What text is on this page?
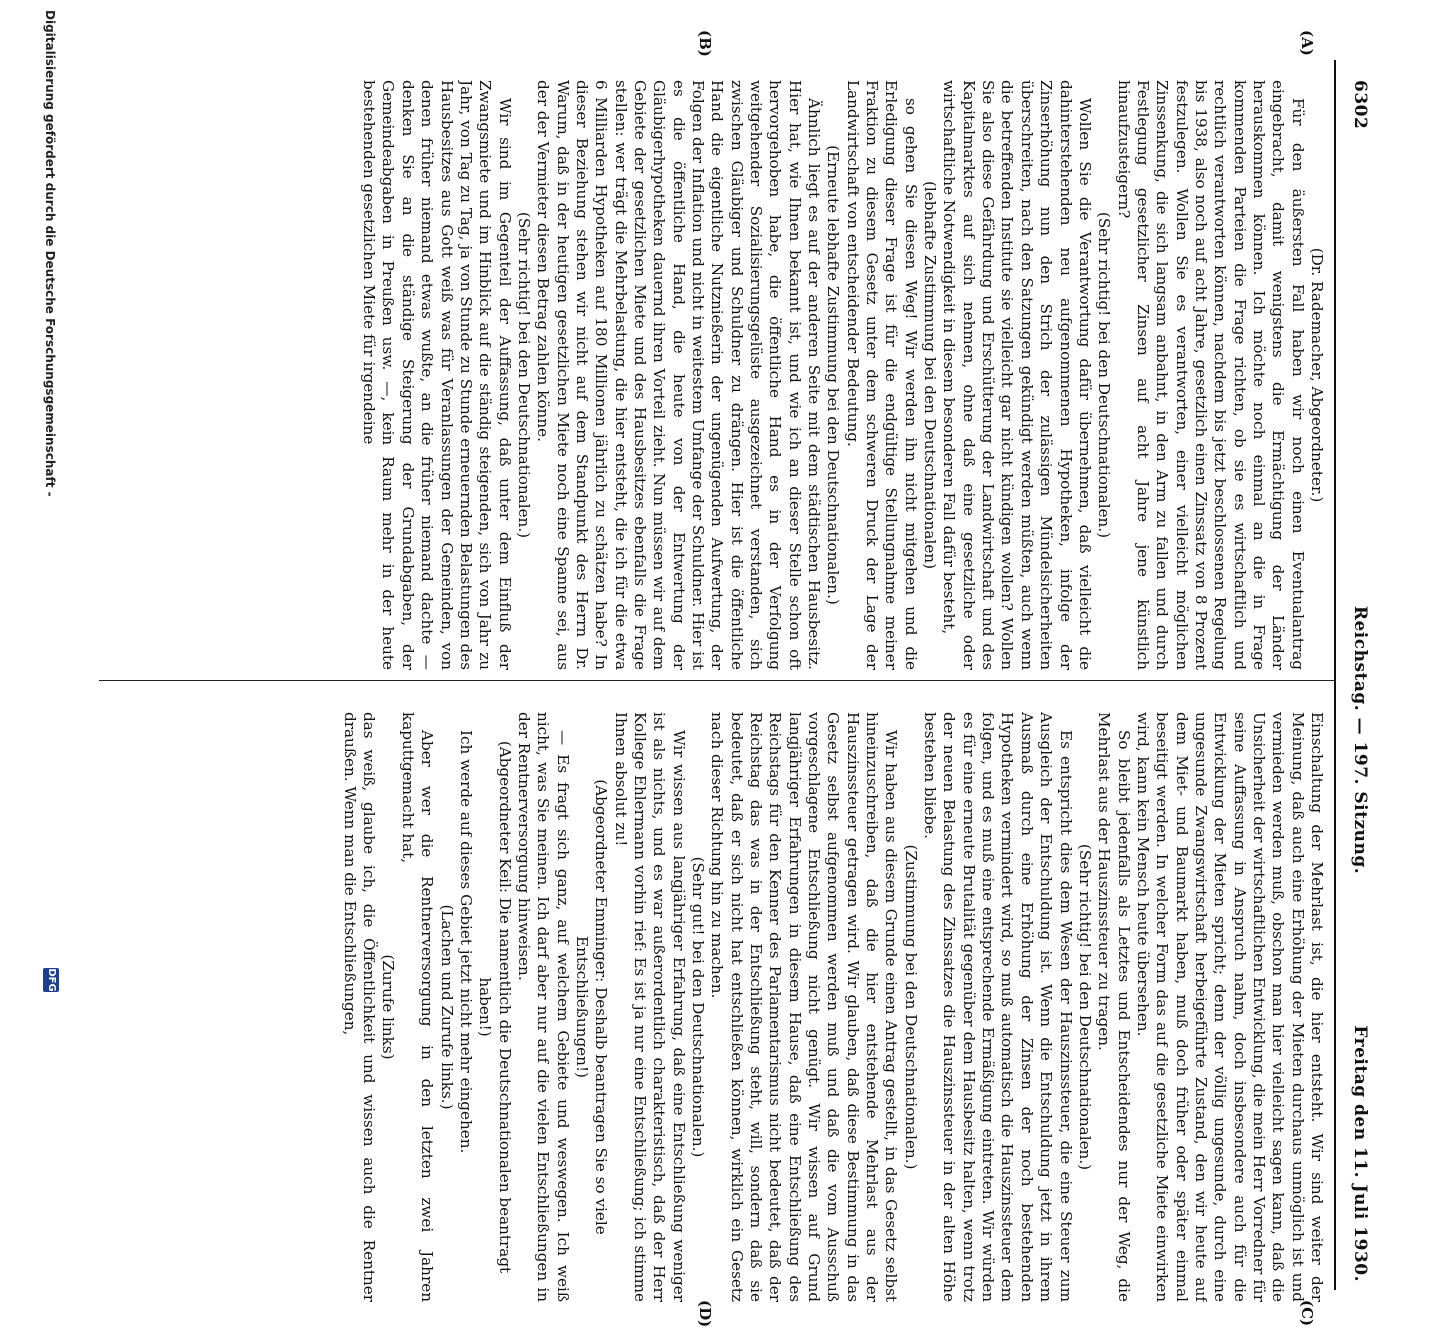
6302
Reichstag. — 197. Sitzung.
Freitag den 11. Juli 1930.
(A)
(B)
(C)
(D)

(Dr. Rademacher, Abgeordneter.)

Für den äußersten Fall haben wir noch einen Eventualantrag eingebracht, damit wenigstens die Ermächtigung der Länder herauskommen können. Ich möchte noch einmal an die in Frage kommenden Parteien die Frage richten, ob sie es wirtschaftlich und rechtlich verantworten können, nachdem bis jetzt beschlossenen Regelung bis 1938, also noch auf acht Jahre, gesetzlich einen Zinssatz von 8 Prozent festzulegen. Wollen Sie es verantworten, einer vielleicht möglichen Zinssenkung, die sich langsam anbahnt, in den Arm zu fallen und durch Festlegung gesetzlicher Zinsen auf acht Jahre jene künstlich hinaufzusteigern?

(Sehr richtig! bei den Deutschnationalen.)

Wollen Sie die Verantwortung dafür übernehmen, daß vielleicht die dahinterstehenden neu aufgenommenen Hypotheken, infolge der Zinserhöhung nun den Strich der zulässigen Mündelsicherheiten überschreiten, nach den Satzungen gekündigt werden müßten, auch wenn die betreffenden Institute sie vielleicht gar nicht kündigen wollen? Wollen Sie also diese Gefährdung und Erschütterung der Landwirtschaft und des Kapitalmarktes auf sich nehmen, ohne daß eine gesetzliche oder wirtschaftliche Notwendigkeit in diesem besonderen Fall dafür besteht,

(lebhafte Zustimmung bei den Deutschnationalen)

so gehen Sie diesen Weg! Wir werden ihn nicht mitgehen und die Erledigung dieser Frage ist für die endgültige Stellungnahme meiner Fraktion zu diesem Gesetz unter dem schweren Druck der Lage der Landwirtschaft von entscheidender Bedeutung.

(Erneute lebhafte Zustimmung bei den Deutschnationalen.)

Ähnlich liegt es auf der anderen Seite mit dem städtischen Hausbesitz. Hier hat, wie Ihnen bekannt ist, und wie ich an dieser Stelle schon oft hervorgehoben habe, die öffentliche Hand es in der Verfolgung weitgehender Sozialisierungsgelüste ausgezeichnet verstanden, sich zwischen Gläubiger und Schuldner zu drängen. Hier ist die öffentliche Hand die eigentliche Nutznießerin der ungenügenden Aufwertung, der Folgen der Inflation und nicht in weitestem Umfange der Schuldner. Hier ist es die öffentliche Hand, die heute von der Entwertung der Gläubigerhypotheken dauernd ihren Vorteil zieht. Nun müssen wir auf dem Gebiete der gesetzlichen Miete und des Hausbesitzes ebenfalls die Frage stellen: wer trägt die Mehrbelastung, die hier entsteht, die ich für die etwa 6 Milliarden Hypotheken auf 180 Millionen jährlich zu schätzen habe? In dieser Beziehung stehen wir nicht auf dem Standpunkt des Herrn Dr. Warum, daß in der heutigen gesetzlichen Miete noch eine Spanne sei, aus der der Vermieter diesen Betrag zahlen könne.

(Sehr richtig! bei den Deutschnationalen.)

Wir sind im Gegenteil der Auffassung, daß unter dem Einfluß der Zwangsmiete und im Hinblick auf die ständig steigenden, sich von Jahr zu Jahr, von Tag zu Tag, ja von Stunde zu Stunde erneuernden Belastungen des Hausbesitzes aus Gott weiß was für Veranlassungen der Gemeinden, von denen früher niemand etwas wußte, an die früher niemand dachte — denken Sie an die ständige Steigerung der Grundabgaben, der Gemeindeabgaben in Preußen usw. —, kein Raum mehr in der heute bestehenden gesetzlichen Miete für irgendeine

Einschaltung der Mehrlast ist, die hier entsteht. Wir sind weiter der Meinung, daß auch eine Erhöhung der Mieten durchaus unmöglich ist und vermieden werden muß, obschon man hier vielleicht sagen kann, daß die Unsicherheit der wirtschaftlichen Entwicklung, die mein Herr Vorredner für seine Auffassung in Anspruch nahm, doch insbesondere auch für die Entwicklung der Mieten spricht; denn der völlig ungesunde, durch eine ungesunde Zwangswirtschaft herbeigeführte Zustand, den wir heute auf dem Miet- und Baumarkt haben, muß doch früher oder später einmal beseitigt werden. In welcher Form das auf die gesetzliche Miete einwirken wird, kann kein Mensch heute übersehen.

So bleibt jedenfalls als Letztes und Entscheidendes nur der Weg, die Mehrlast aus der Hauszinssteuer zu tragen.

(Sehr richtig! bei den Deutschnationalen.)

Es entspricht dies dem Wesen der Hauszinssteuer, die eine Steuer zum Ausgleich der Entschuldung ist. Wenn die Entschuldung jetzt in ihrem Ausmaß durch eine Erhöhung der Zinsen der noch bestehenden Hypotheken vermindert wird, so muß automatisch die Hauszinssteuer dem folgen, und es muß eine entsprechende Ermäßigung eintreten. Wir würden es für eine erneute Brutalität gegenüber dem Hausbesitz halten, wenn trotz der neuen Belastung des Zinssatzes die Hauszinssteuer in der alten Höhe bestehen bliebe.

(Zustimmung bei den Deutschnationalen.)

Wir haben aus diesem Grunde einen Antrag gestellt, in das Gesetz selbst hineinzuschreiben, daß die hier entstehende Mehrlast aus der Hauszinssteuer getragen wird. Wir glauben, daß diese Bestimmung in das Gesetz selbst aufgenommen werden muß und daß die vom Ausschuß vorgeschlagene Entschließung nicht genügt. Wir wissen auf Grund langjähriger Erfahrungen in diesem Hause, daß eine Entschließung des Reichstags für den Kenner des Parlamentarismus nicht bedeutet, daß der Reichstag das was in der Entschließung steht, will, sondern daß sie bedeutet, daß er sich nicht hat entschließen können, wirklich ein Gesetz nach dieser Richtung hin zu machen.

(Sehr gut! bei den Deutschnationalen.)

Wir wissen aus langjähriger Erfahrung, daß eine Entschließung weniger ist als nichts, und es war außerordentlich charakteristisch, daß der Herr Kollege Ehlermann vorhin rief: Es ist ja nur eine Entschließung; ich stimme Ihnen absolut zu!

(Abgeordneter Emminger: Deshalb beantragen Sie so viele Entschließungen!)

— Es fragt sich ganz, auf welchem Gebiete und weswegen. Ich weiß nicht, was Sie meinen. Ich darf aber nur auf die vielen Entschließungen in der Rentnerversorgung hinweisen.

(Abgeordneter Keil: Die namentlich die Deutschnationalen beantragt haben!)

Ich werde auf dieses Gebiet jetzt nicht mehr eingehen.

(Lachen und Zurufe links.)

Aber wer die Rentnerversorgung in den letzten zwei Jahren kaputtgemacht hat,

(Zurufe links)

das weiß, glaube ich, die Öffentlichkeit und wissen auch die Rentner draußen. Wenn man die Entschließungen,

Digitalisierung gefördert durch die Deutsche Forschungsgemeinschaft -
DFG
